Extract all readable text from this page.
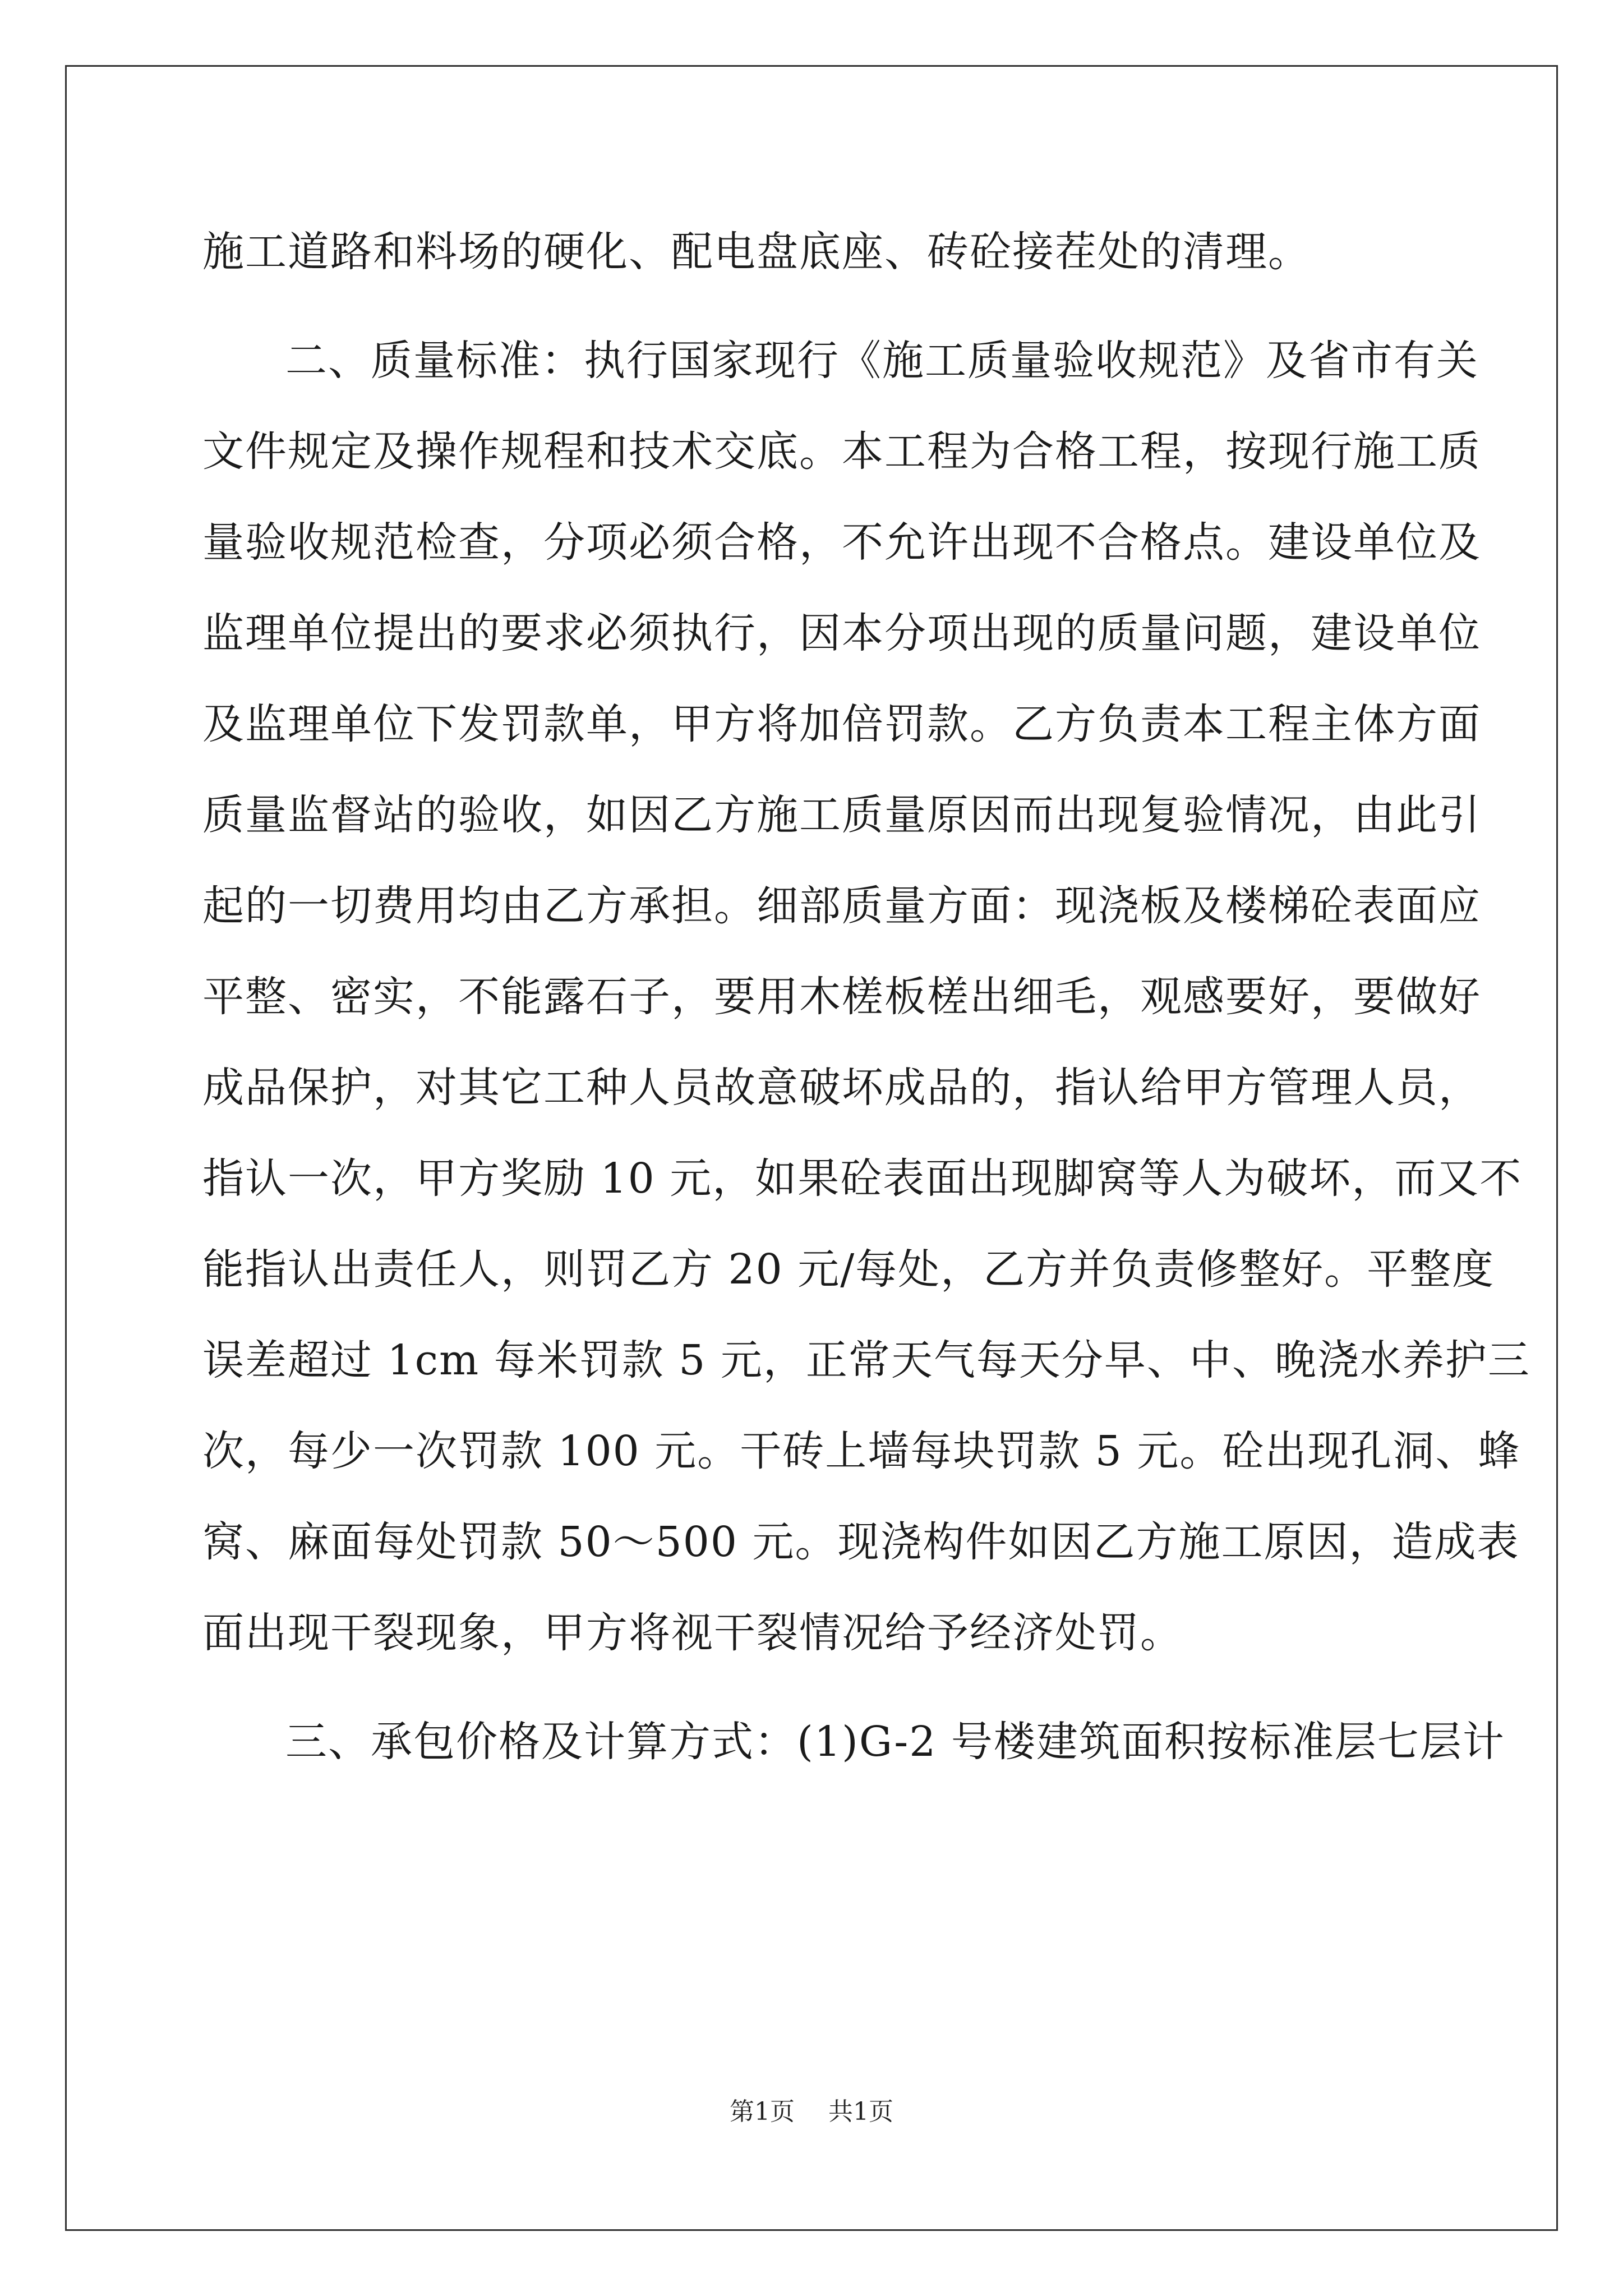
施工道路和料场的硬化、配电盘底座、砖砼接茬处的清理。
二、质量标准：执行国家现行《施工质量验收规范》及省市有关
文件规定及操作规程和技术交底。本工程为合格工程，按现行施工质
量验收规范检查，分项必须合格，不允许出现不合格点。建设单位及
监理单位提出的要求必须执行，因本分项出现的质量问题，建设单位
及监理单位下发罚款单，甲方将加倍罚款。乙方负责本工程主体方面
质量监督站的验收，如因乙方施工质量原因而出现复验情况，由此引
起的一切费用均由乙方承担。细部质量方面：现浇板及楼梯砼表面应
平整、密实，不能露石子，要用木槎板槎出细毛，观感要好，要做好
成品保护，对其它工种人员故意破坏成品的，指认给甲方管理人员，
指认一次，甲方奖励 10 元，如果砼表面出现脚窝等人为破坏，而又不
能指认出责任人，则罚乙方 20 元/每处，乙方并负责修整好。平整度
误差超过 1cm 每米罚款 5 元，正常天气每天分早、中、晚浇水养护三
次，每少一次罚款 100 元。干砖上墙每块罚款 5 元。砼出现孔洞、蜂
窝、麻面每处罚款 50～500 元。现浇构件如因乙方施工原因，造成表
面出现干裂现象，甲方将视干裂情况给予经济处罚。
三、承包价格及计算方式：(1)G-2 号楼建筑面积按标准层七层计
第1页 共1页
